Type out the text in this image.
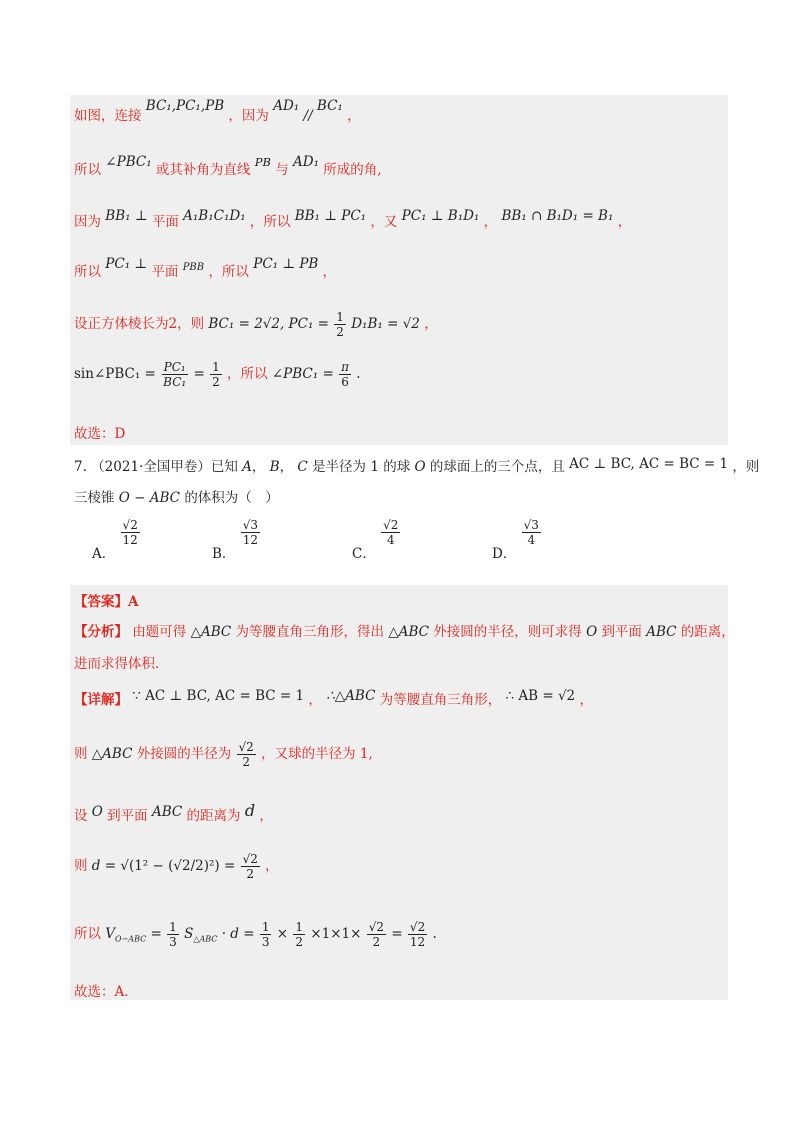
如图，连接 BC₁,PC₁,PB ，因为 AD₁ // BC₁ ，
所以 ∠PBC₁ 或其补角为直线 PB 与 AD₁ 所成的角,
因为 BB₁ ⊥ 平面 A₁B₁C₁D₁ ，所以 BB₁ ⊥ PC₁ ，又 PC₁ ⊥ B₁D₁ ， BB₁ ∩ B₁D₁ = B₁ ，
所以 PC₁ ⊥ 平面 $^{PBB}$ ，所以 PC₁ ⊥ PB ，
设正方体棱长为2，则 BC₁ = 2√2, $PC_1 = \frac{1}{2} D_1B_1 = √2$ ，
sin∠PBC₁ = $\frac{\text{PC₁}}{\text{BC₁}} = \frac{1}{2}$ ，所以 ∠PBC₁ = $\frac{\pi}{6}$ .
故选：D
7. （2021·全国甲卷）已知 A， B， C 是半径为 1 的球 O 的球面上的三个点，且 AC ⊥ BC, AC = BC = 1 ，则
三棱锥 O − ABC 的体积为（　）
A．
$\frac{√2}{12}$
B．
$\frac{√3}{12}$
C．
$\frac{√2}{4}$
D．
$\frac{√3}{4}$
【答案】A
【分析】 由题可得 △ABC 为等腰直角三角形，得出 △ABC 外接圆的半径，则可求得 O 到平面 ABC 的距离，
进而求得体积.
【详解】 ∵ AC ⊥ BC, AC = BC = 1 ， ∴△ABC 为等腰直角三角形， ∴ AB = √2 ，
则 △ABC 外接圆的半径为 $\frac{√2}{2}$ ，又球的半径为 1,
设 O 到平面 ABC 的距离为 d ，
则 $d = √(1^2 - (√2/2)^2) = \frac{√2}{2}$ ，
所以 $V_{O-ABC} = \frac{1}{3} S_{\triangle ABC} \cdot d = \frac{1}{3} \times \frac{1}{2} \times 1\times 1\times \frac{√2}{2} = \frac{√2}{12}$ .
故选：A.
